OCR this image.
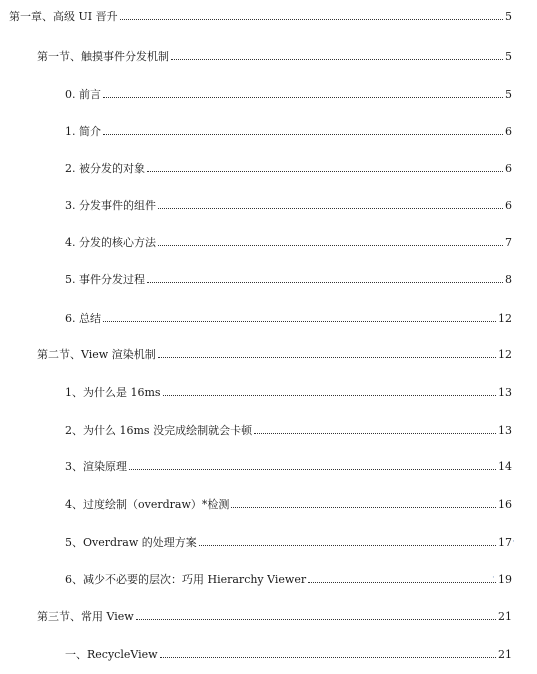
第一章、高级 UI 晋升	5
第一节、触摸事件分发机制	5
0. 前言	5
1. 简介	6
2. 被分发的对象	6
3. 分发事件的组件	6
4. 分发的核心方法	7
5. 事件分发过程	8
6. 总结	12
第二节、View 渲染机制	12
1、为什么是 16ms	13
2、为什么 16ms 没完成绘制就会卡顿	13
3、渲染原理	14
4、过度绘制（overdraw）*检测	16
5、Overdraw 的处理方案	17
6、减少不必要的层次：巧用 Hierarchy Viewer	19
第三节、常用 View	21
一、RecycleView	21
·
·
